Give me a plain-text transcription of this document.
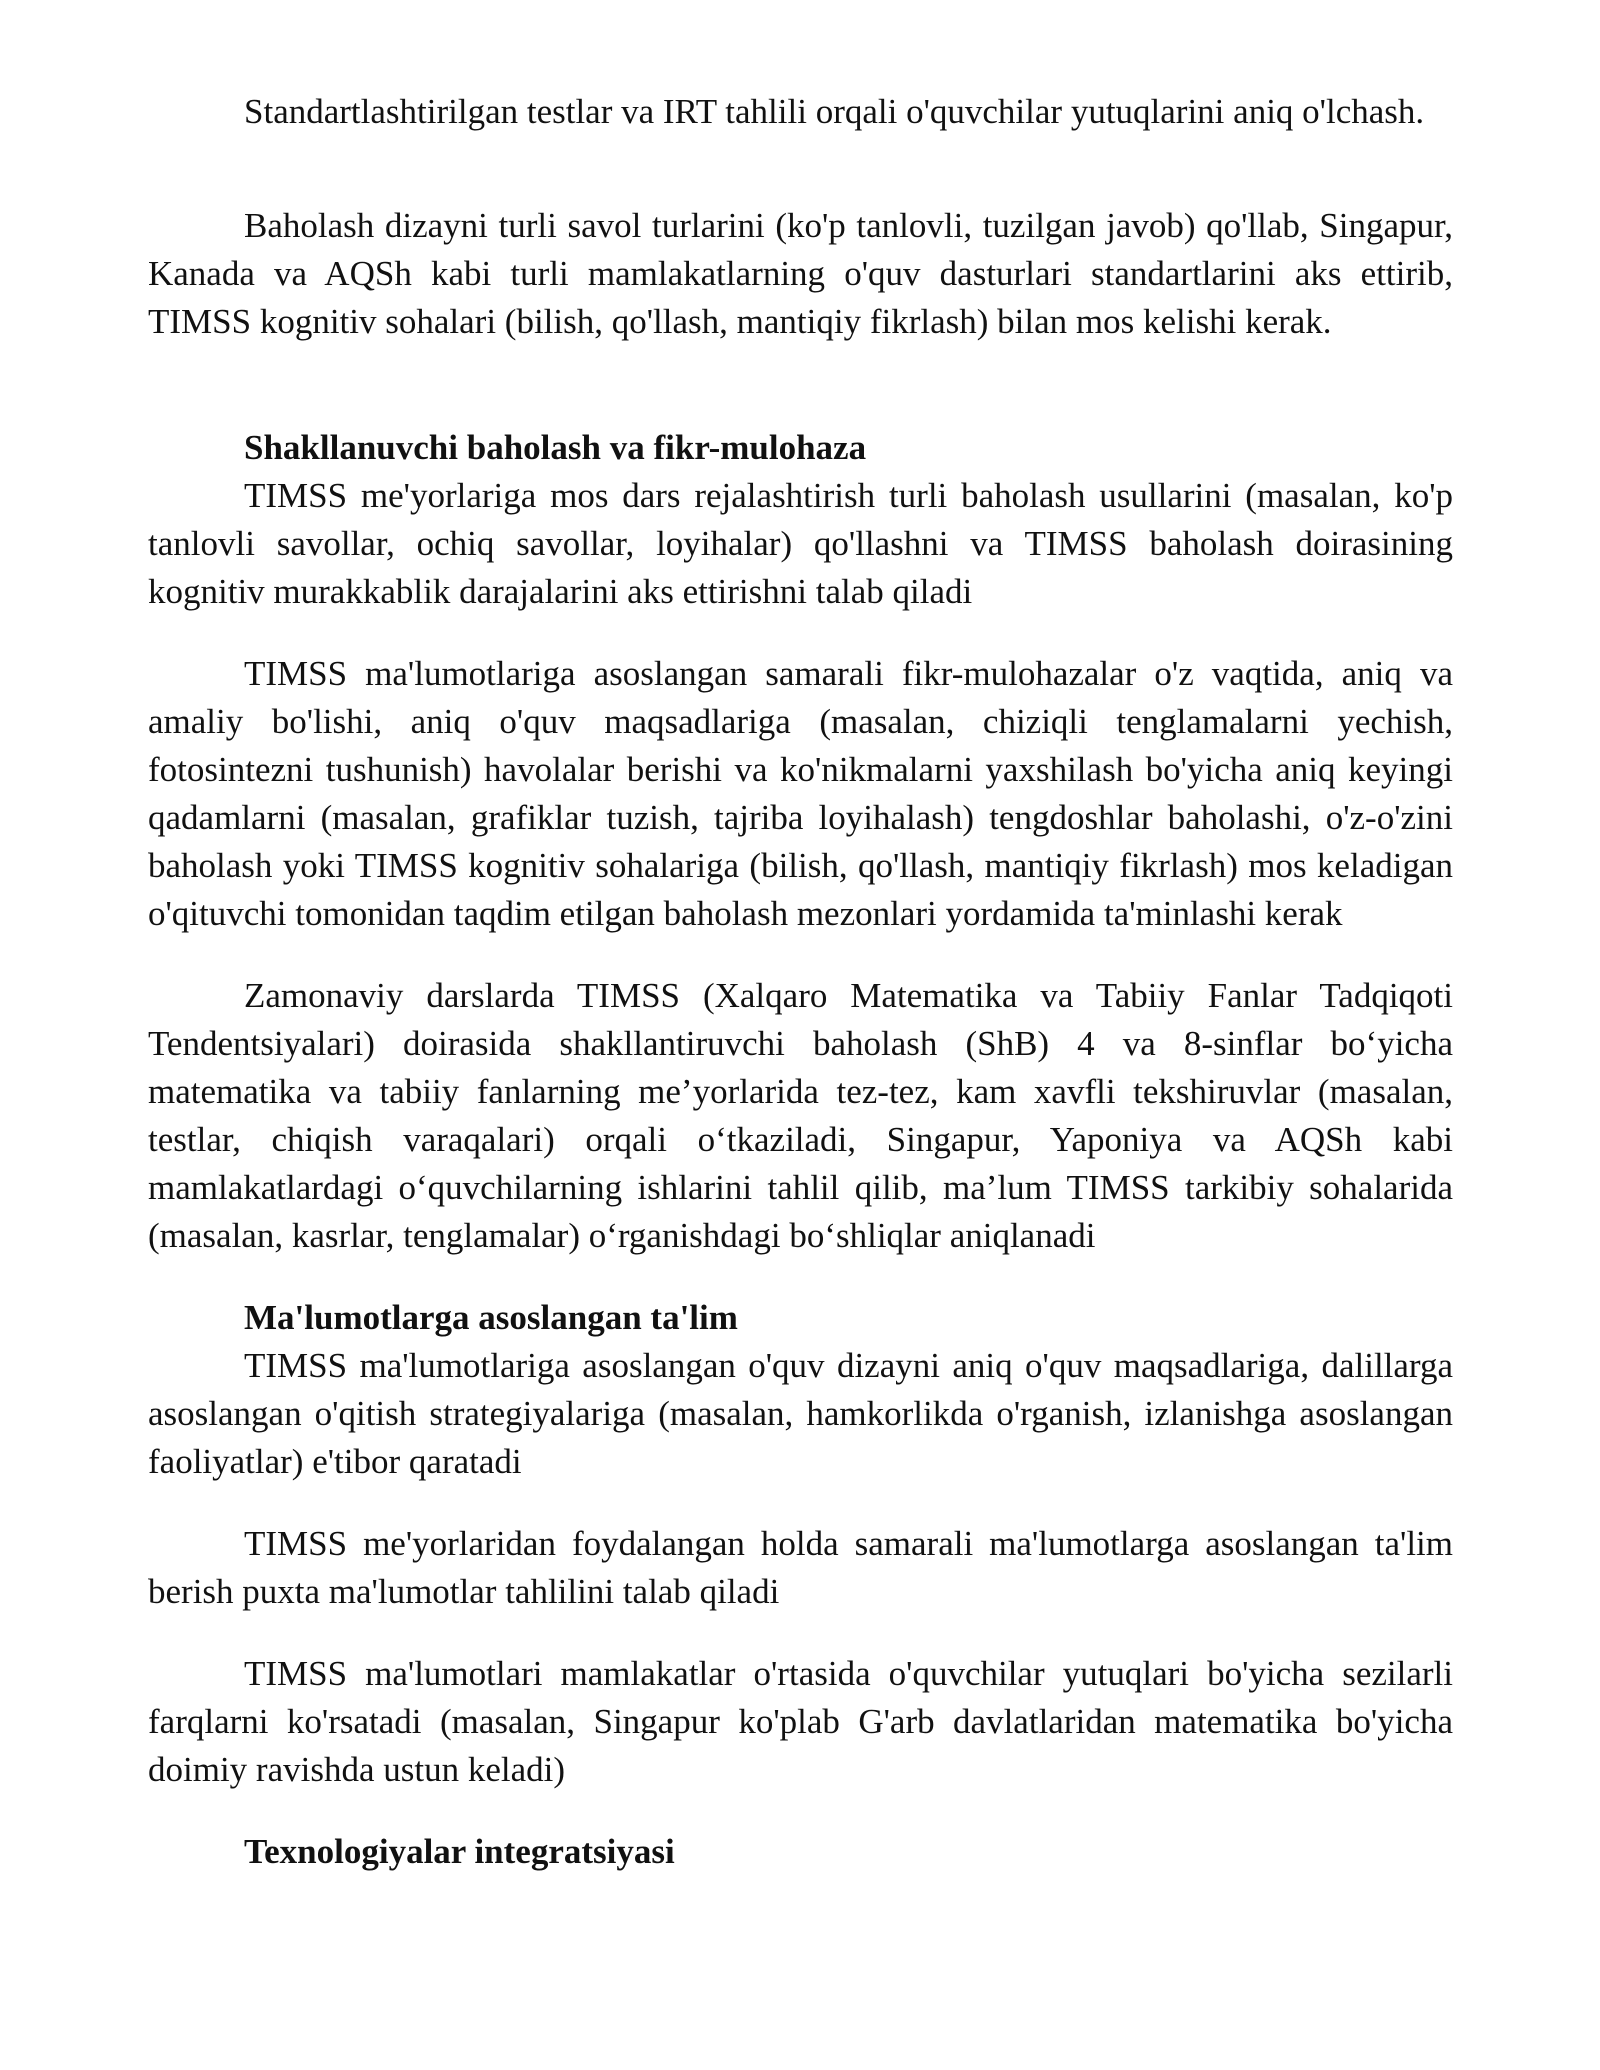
Standartlashtirilgan testlar va IRT tahlili orqali o'quvchilar yutuqlarini aniq o'lchash.

Baholash dizayni turli savol turlarini (ko'p tanlovli, tuzilgan javob) qo'llab, Singapur, Kanada va AQSh kabi turli mamlakatlarning o'quv dasturlari standartlarini aks ettirib, TIMSS kognitiv sohalari (bilish, qo'llash, mantiqiy fikrlash) bilan mos kelishi kerak.

Shakllanuvchi baholash va fikr-mulohaza

TIMSS me'yorlariga mos dars rejalashtirish turli baholash usullarini (masalan, ko'p tanlovli savollar, ochiq savollar, loyihalar) qo'llashni va TIMSS baholash doirasining kognitiv murakkablik darajalarini aks ettirishni talab qiladi

TIMSS ma'lumotlariga asoslangan samarali fikr-mulohazalar o'z vaqtida, aniq va amaliy bo'lishi, aniq o'quv maqsadlariga (masalan, chiziqli tenglamalarni yechish, fotosintezni tushunish) havolalar berishi va ko'nikmalarni yaxshilash bo'yicha aniq keyingi qadamlarni (masalan, grafiklar tuzish, tajriba loyihalash) tengdoshlar baholashi, o'z-o'zini baholash yoki TIMSS kognitiv sohalariga (bilish, qo'llash, mantiqiy fikrlash) mos keladigan o'qituvchi tomonidan taqdim etilgan baholash mezonlari yordamida ta'minlashi kerak

Zamonaviy darslarda TIMSS (Xalqaro Matematika va Tabiiy Fanlar Tadqiqoti Tendentsiyalari) doirasida shakllantiruvchi baholash (ShB) 4 va 8-sinflar bo‘yicha matematika va tabiiy fanlarning me’yorlarida tez-tez, kam xavfli tekshiruvlar (masalan, testlar, chiqish varaqalari) orqali o‘tkaziladi, Singapur, Yaponiya va AQSh kabi mamlakatlardagi o‘quvchilarning ishlarini tahlil qilib, ma’lum TIMSS tarkibiy sohalarida (masalan, kasrlar, tenglamalar) o‘rganishdagi bo‘shliqlar aniqlanadi

Ma'lumotlarga asoslangan ta'lim

TIMSS ma'lumotlariga asoslangan o'quv dizayni aniq o'quv maqsadlariga, dalillarga asoslangan o'qitish strategiyalariga (masalan, hamkorlikda o'rganish, izlanishga asoslangan faoliyatlar) e'tibor qaratadi

TIMSS me'yorlaridan foydalangan holda samarali ma'lumotlarga asoslangan ta'lim berish puxta ma'lumotlar tahlilini talab qiladi

TIMSS ma'lumotlari mamlakatlar o'rtasida o'quvchilar yutuqlari bo'yicha sezilarli farqlarni ko'rsatadi (masalan, Singapur ko'plab G'arb davlatlaridan matematika bo'yicha doimiy ravishda ustun keladi)

Texnologiyalar integratsiyasi
